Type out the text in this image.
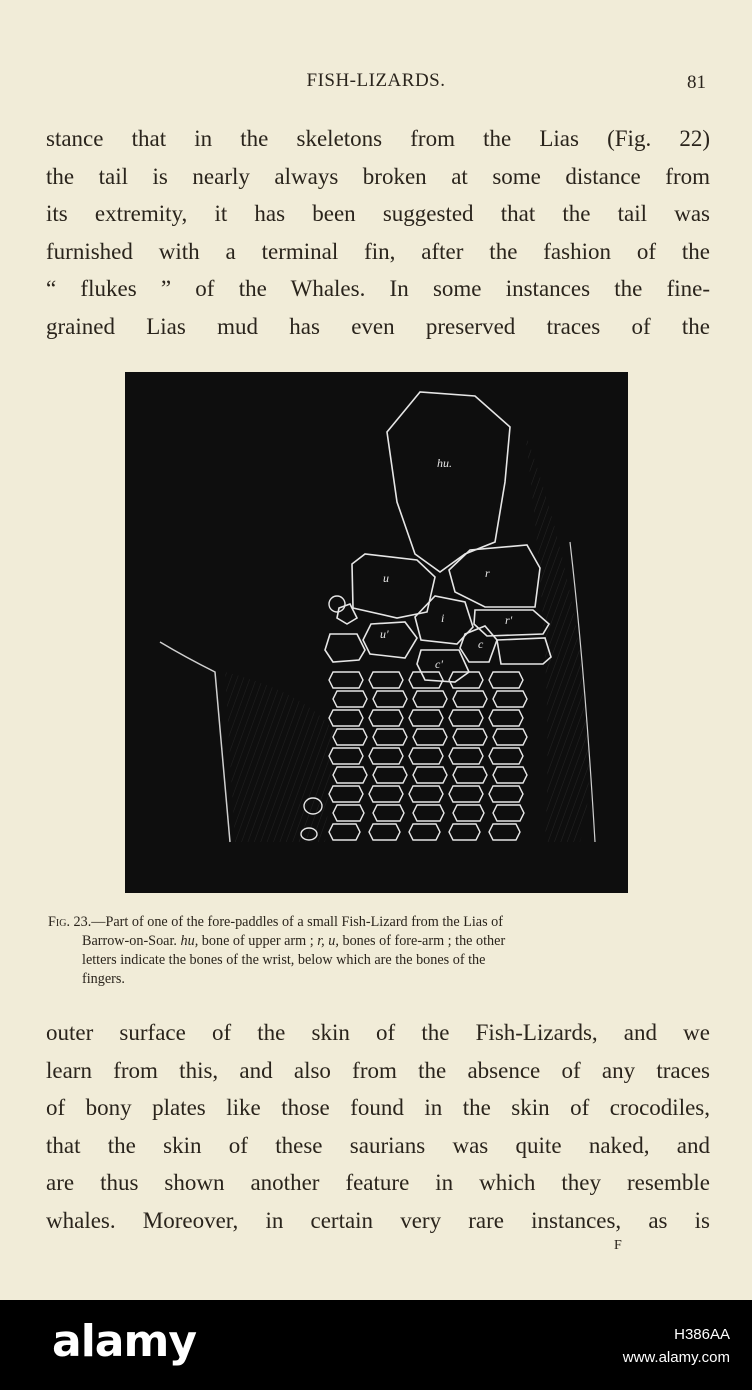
FISH-LIZARDS.	81
stance that in the skeletons from the Lias (Fig. 22)
the tail is nearly always broken at some distance from
its extremity, it has been suggested that the tail was
furnished with a terminal fin, after the fashion of the
“ flukes ” of the Whales. In some instances the fine-
grained Lias mud has even preserved traces of the
hu.
u	r
i	r'
c
c'
u'
Fig. 23.—Part of one of the fore-paddles of a small Fish-Lizard from the Lias of
Barrow-on-Soar. hu, bone of upper arm ; r, u, bones of fore-arm ; the other
letters indicate the bones of the wrist, below which are the bones of the
fingers.
outer surface of the skin of the Fish-Lizards, and we
learn from this, and also from the absence of any traces
of bony plates like those found in the skin of crocodiles,
that the skin of these saurians was quite naked, and
are thus shown another feature in which they resemble
whales. Moreover, in certain very rare instances, as is
F
alamy	H386AA
www.alamy.com
